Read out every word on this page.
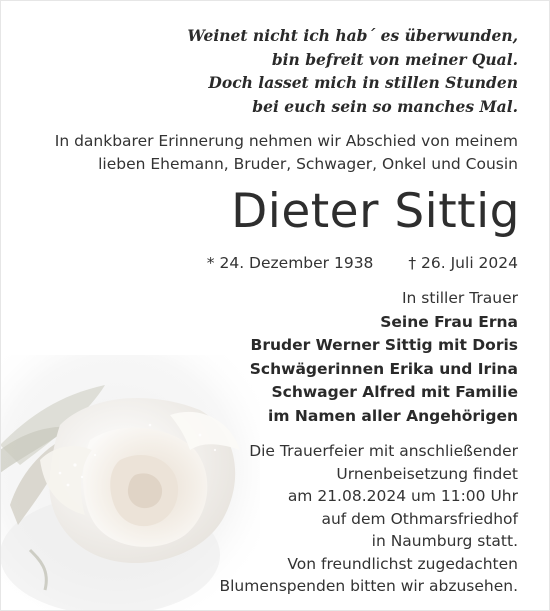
Weinet nicht ich hab´ es überwunden,
bin befreit von meiner Qual.
Doch lasset mich in stillen Stunden
bei euch sein so manches Mal.
In dankbarer Erinnerung nehmen wir Abschied von meinem
lieben Ehemann, Bruder, Schwager, Onkel und Cousin
Dieter Sittig
* 24. Dezember 1938 † 26. Juli 2024
In stiller Trauer
Seine Frau Erna
Bruder Werner Sittig mit Doris
Schwägerinnen Erika und Irina
Schwager Alfred mit Familie
im Namen aller Angehörigen
Die Trauerfeier mit anschließender
Urnenbeisetzung findet
am 21.08.2024 um 11:00 Uhr
auf dem Othmarsfriedhof
in Naumburg statt.
Von freundlichst zugedachten
Blumenspenden bitten wir abzusehen.
